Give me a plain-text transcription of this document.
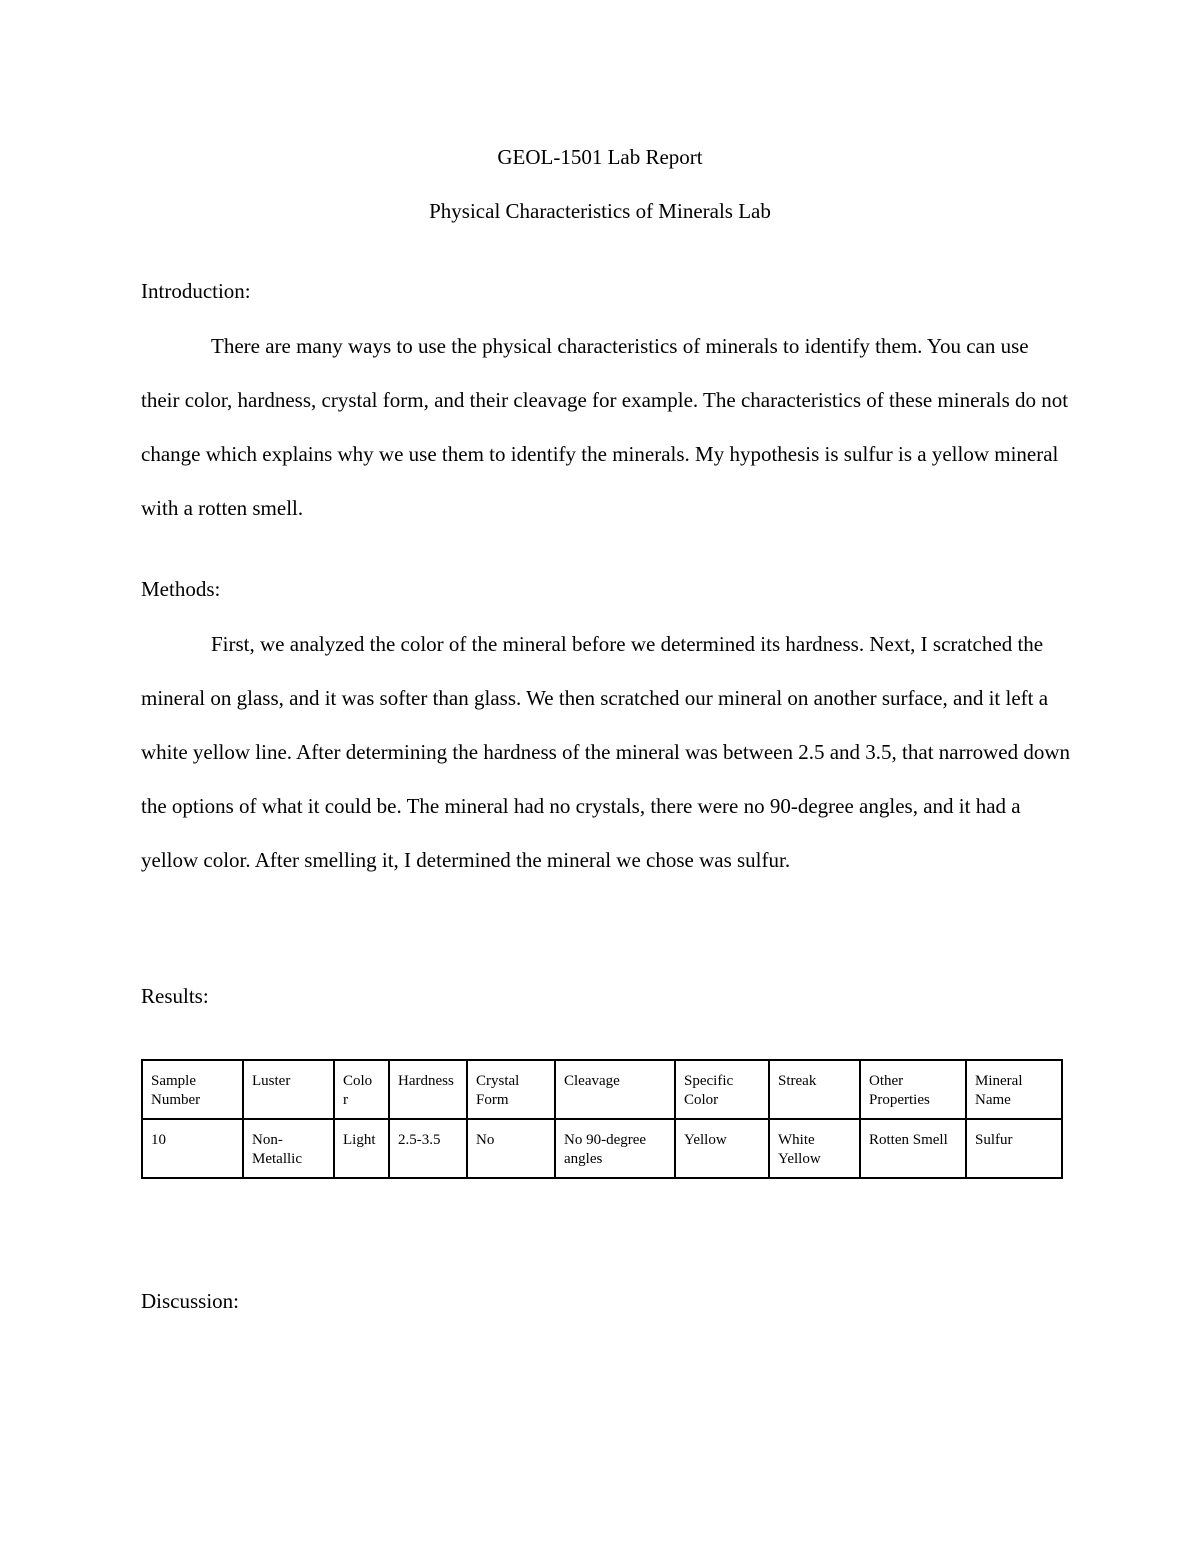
GEOL-1501 Lab Report
Physical Characteristics of Minerals Lab
Introduction:

There are many ways to use the physical characteristics of minerals to identify them. You can use their color, hardness, crystal form, and their cleavage for example. The characteristics of these minerals do not change which explains why we use them to identify the minerals. My hypothesis is sulfur is a yellow mineral with a rotten smell.

Methods:

First, we analyzed the color of the mineral before we determined its hardness. Next, I scratched the mineral on glass, and it was softer than glass. We then scratched our mineral on another surface, and it left a white yellow line. After determining the hardness of the mineral was between 2.5 and 3.5, that narrowed down the options of what it could be. The mineral had no crystals, there were no 90-degree angles, and it had a yellow color. After smelling it, I determined the mineral we chose was sulfur.

Results:
Sample Number	Luster	Colo r	Hardness	Crystal Form	Cleavage	Specific Color	Streak	Other Properties	Mineral Name
10	Non-Metallic	Light	2.5-3.5	No	No 90-degree angles	Yellow	White Yellow	Rotten Smell	Sulfur
Discussion:
